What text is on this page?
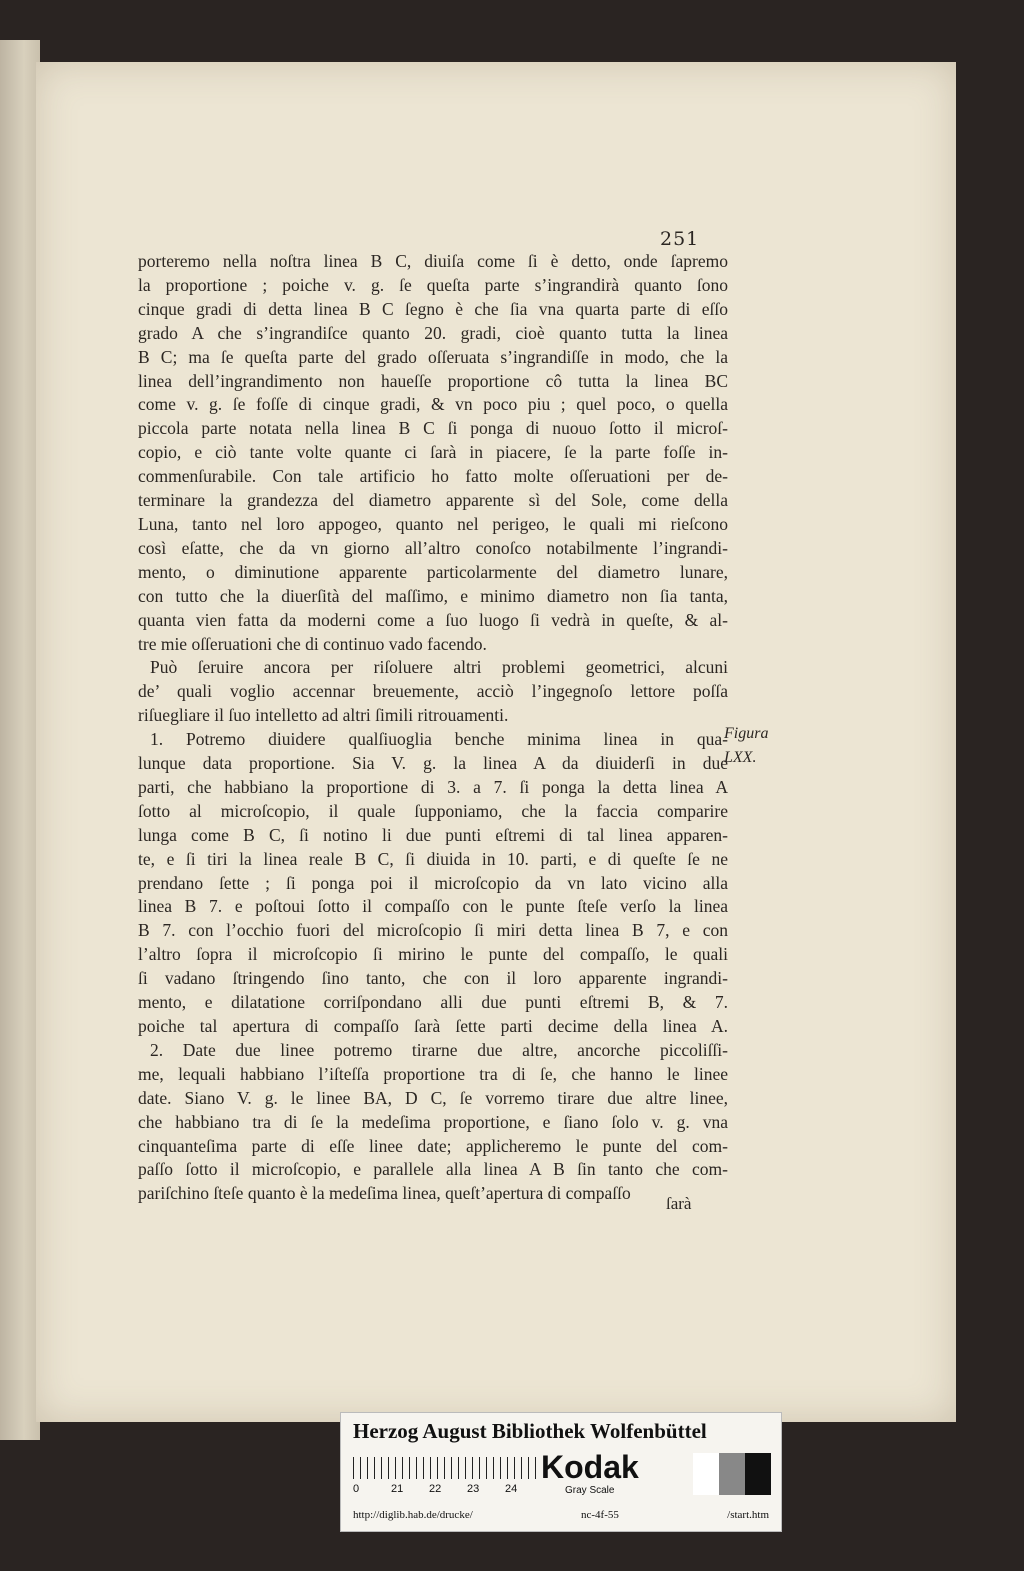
251
porteremo nella noſtra linea B C, diuiſa come ſi è detto, onde ſapremo
la proportione ; poiche v. g. ſe queſta parte s’ingrandirà quanto ſono
cinque gradi di detta linea B C ſegno è che ſia vna quarta parte di eſſo
grado A che s’ingrandiſce quanto 20. gradi, cioè quanto tutta la linea
B C; ma ſe queſta parte del grado oſſeruata s’ingrandiſſe in modo, che la
linea dell’ingrandimento non haueſſe proportione cô tutta la linea BC
come v. g. ſe foſſe di cinque gradi, & vn poco piu ; quel poco, o quella
piccola parte notata nella linea B C ſi ponga di nuouo ſotto il microſ-
copio, e ciò tante volte quante ci ſarà in piacere, ſe la parte foſſe in-
commenſurabile. Con tale artificio ho fatto molte oſſeruationi per de-
terminare la grandezza del diametro apparente sì del Sole, come della
Luna, tanto nel loro appogeo, quanto nel perigeo, le quali mi rieſcono
così eſatte, che da vn giorno all’altro conoſco notabilmente l’ingrandi-
mento, o diminutione apparente particolarmente del diametro lunare,
con tutto che la diuerſità del maſſimo, e minimo diametro non ſia tanta,
quanta vien fatta da moderni come a ſuo luogo ſi vedrà in queſte, & al-
tre mie oſſeruationi che di continuo vado facendo.
Può ſeruire ancora per riſoluere altri problemi geometrici, alcuni
de’ quali voglio accennar breuemente, acciò l’ingegnoſo lettore poſſa
riſuegliare il ſuo intelletto ad altri ſimili ritrouamenti.
1. Potremo diuidere qualſiuoglia benche minima linea in qua-
lunque data proportione. Sia V. g. la linea A da diuiderſi in due
parti, che habbiano la proportione di 3. a 7. ſi ponga la detta linea A
ſotto al microſcopio, il quale ſupponiamo, che la faccia comparire
lunga come B C, ſi notino li due punti eſtremi di tal linea apparen-
te, e ſi tiri la linea reale B C, ſi diuida in 10. parti, e di queſte ſe ne
prendano ſette ; ſi ponga poi il microſcopio da vn lato vicino alla
linea B 7. e poſtoui ſotto il compaſſo con le punte ſteſe verſo la linea
B 7. con l’occhio fuori del microſcopio ſi miri detta linea B 7, e con
l’altro ſopra il microſcopio ſi mirino le punte del compaſſo, le quali
ſi vadano ſtringendo ſino tanto, che con il loro apparente ingrandi-
mento, e dilatatione corriſpondano alli due punti eſtremi B, & 7.
poiche tal apertura di compaſſo ſarà ſette parti decime della linea A.
2. Date due linee potremo tirarne due altre, ancorche piccoliſſi-
me, lequali habbiano l’iſteſſa proportione tra di ſe, che hanno le linee
date. Siano V. g. le linee BA, D C, ſe vorremo tirare due altre linee,
che habbiano tra di ſe la medeſima proportione, e ſiano ſolo v. g. vna
cinquanteſima parte di eſſe linee date; applicheremo le punte del com-
paſſo ſotto il microſcopio, e parallele alla linea A B ſin tanto che com-
pariſchino ſteſe quanto è la medeſima linea, queſt’apertura di compaſſo
Figura
LXX.
ſarà
Herzog August Bibliothek Wolfenbüttel
0	21 22 23 24
Kodak
Gray Scale
http://diglib.hab.de/drucke/	nc-4f-55	/start.htm
